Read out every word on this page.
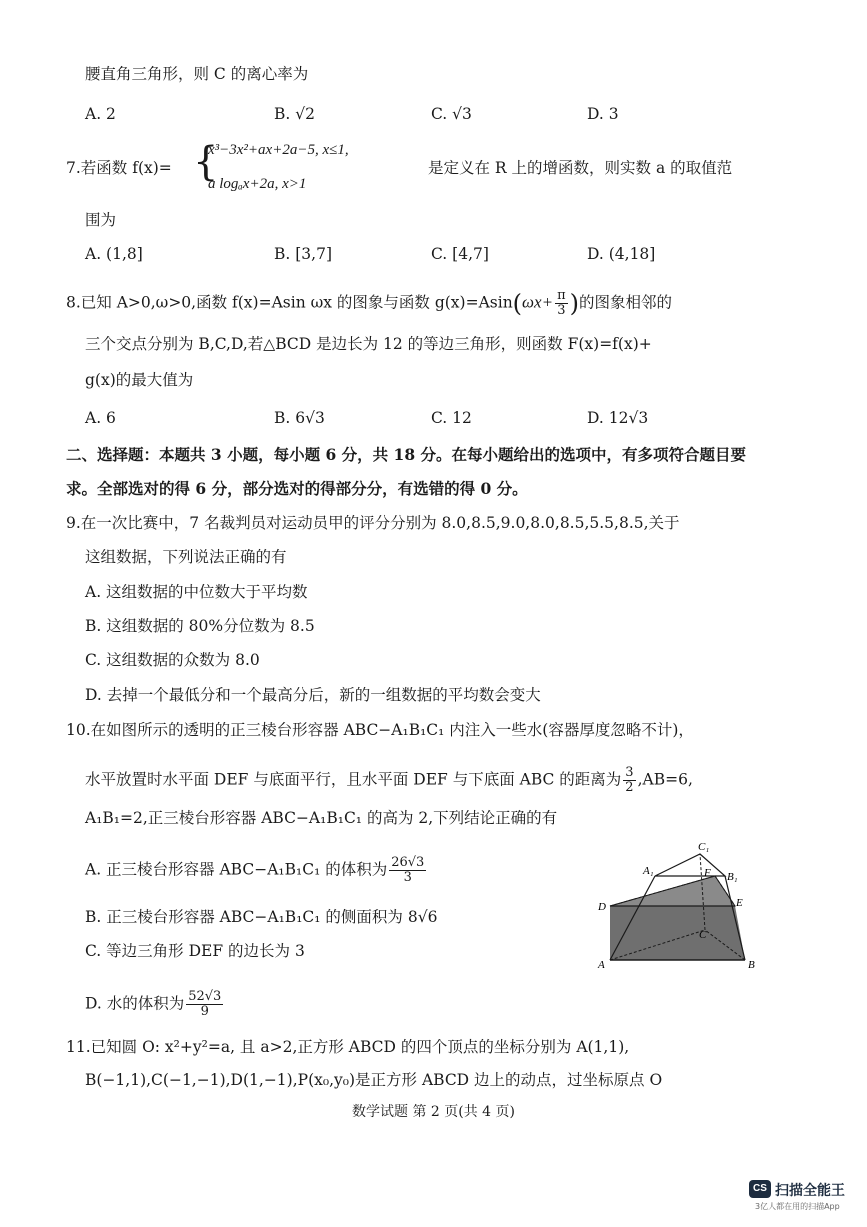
腰直角三角形，则 C 的离心率为
A. 2	B. √2	C. √3	D. 3
7.若函数 f(x)= {
x³−3x²+ax+2a−5, x≤1,
a logₐx+2a, x>1
是定义在 R 上的增函数，则实数 a 的取值范
围为
A. (1,8]	B. [3,7]	C. [4,7]	D. (4,18]
8.已知 A>0,ω>0,函数 f(x)=Asin ωx 的图象与函数 $g(x)=Asin(\omega x+ \frac{\pi}{3}$ )的图象相邻的
三个交点分别为 B,C,D,若△BCD 是边长为 12 的等边三角形，则函数 F(x)=f(x)+
g(x)的最大值为
A. 6	B. 6√3	C. 12	D. 12√3
二、选择题：本题共 3 小题，每小题 6 分，共 18 分。在每小题给出的选项中，有多项符合题目要
求。全部选对的得 6 分，部分选对的得部分分，有选错的得 0 分。
9.在一次比赛中，7 名裁判员对运动员甲的评分分别为 8.0,8.5,9.0,8.0,8.5,5.5,8.5,关于
这组数据，下列说法正确的有
A. 这组数据的中位数大于平均数
B. 这组数据的 80%分位数为 8.5
C. 这组数据的众数为 8.0
D. 去掉一个最低分和一个最高分后，新的一组数据的平均数会变大
10.在如图所示的透明的正三棱台形容器 ABC−A₁B₁C₁ 内注入一些水(容器厚度忽略不计)，
水平放置时水平面 DEF 与底面平行，且水平面 DEF 与下底面 ABC 的距离为 $\frac{3}{2} ,AB=6$,
A₁B₁=2,正三棱台形容器 ABC−A₁B₁C₁ 的高为 2,下列结论正确的有
A. 正三棱台形容器 ABC−A₁B₁C₁ 的体积为 $\frac{26√3}{3}$
B. 正三棱台形容器 ABC−A₁B₁C₁ 的侧面积为 8√6
C. 等边三角形 DEF 的边长为 3
D. 水的体积为 $\frac{52√3}{9}$
A	B
C
A₁	B₁
C₁
D	E
F
11.已知圆 O: x²+y²=a, 且 a>2,正方形 ABCD 的四个顶点的坐标分别为 A(1,1),
B(−1,1),C(−1,−1),D(1,−1),P(x₀,y₀)是正方形 ABCD 边上的动点，过坐标原点 O
数学试题 第 2 页(共 4 页)
CS 扫描全能王
3亿人都在用的扫描App
